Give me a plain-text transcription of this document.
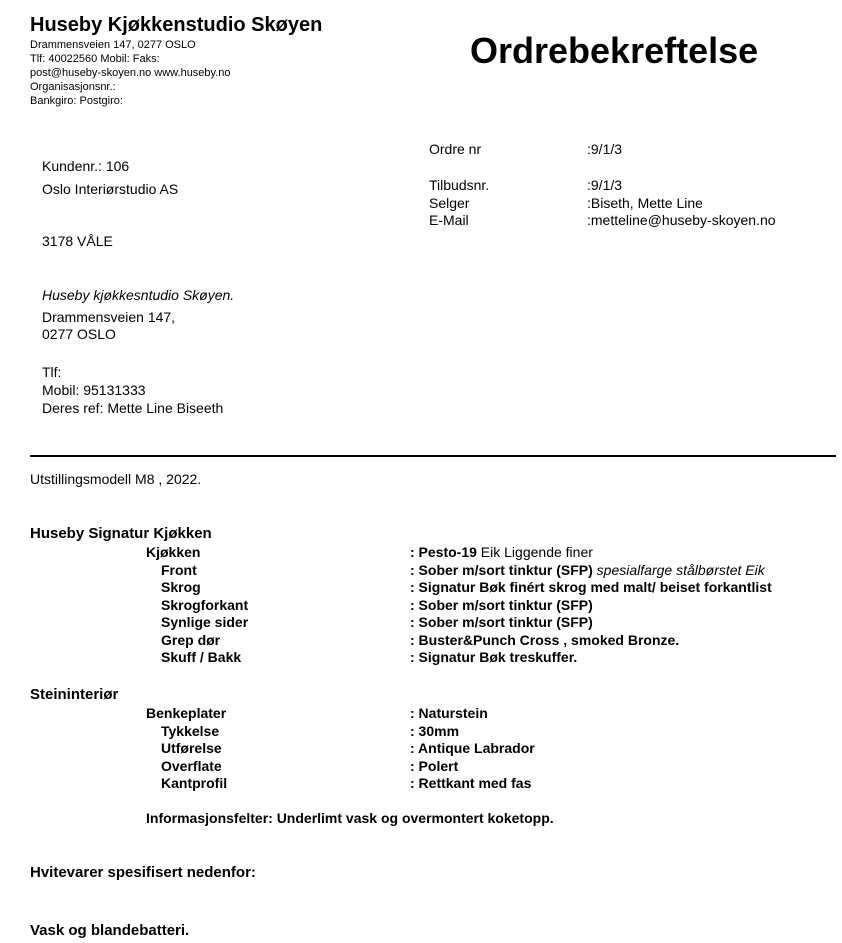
Huseby Kjøkkenstudio Skøyen
Drammensveien 147, 0277 OSLO
Tlf: 40022560 Mobil: Faks:
post@huseby-skoyen.no www.huseby.no
Organisasjonsnr.:
Bankgiro: Postgiro:
Ordrebekreftelse
Ordre nr	:9/1/3
Tilbudsnr.	:9/1/3
Selger	:Biseth, Mette Line
E-Mail	:metteline@huseby-skoyen.no
Kundenr.: 106
Oslo Interiørstudio AS
3178 VÅLE
Huseby kjøkkesntudio Skøyen.
Drammensveien 147,
0277 OSLO
Tlf:
Mobil: 95131333
Deres ref: Mette Line Biseeth
Utstillingsmodell M8 , 2022.
Huseby Signatur Kjøkken
Kjøkken	: Pesto-19 Eik Liggende finer
Front	: Sober m/sort tinktur (SFP) spesialfarge stålbørstet Eik
Skrog	: Signatur Bøk finért skrog med malt/ beiset forkantlist
Skrogforkant	: Sober m/sort tinktur (SFP)
Synlige sider	: Sober m/sort tinktur (SFP)
Grep dør	: Buster&Punch Cross , smoked Bronze.
Skuff / Bakk	: Signatur Bøk treskuffer.
Steininteriør
Benkeplater	: Naturstein
Tykkelse	: 30mm
Utførelse	: Antique Labrador
Overflate	: Polert
Kantprofil	: Rettkant med fas
Informasjonsfelter: Underlimt vask og overmontert koketopp.
Hvitevarer spesifisert nedenfor:
Vask og blandebatteri.
